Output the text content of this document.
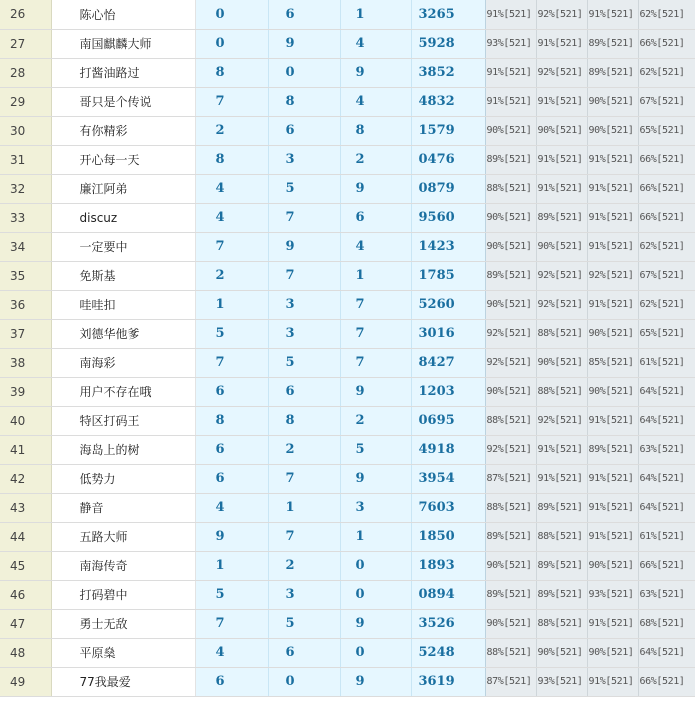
26	陈心怡	0	6	1	3265	91%[521]	92%[521]	91%[521]	62%[521]
27	南国麒麟大师	0	9	4	5928	93%[521]	91%[521]	89%[521]	66%[521]
28	打酱油路过	8	0	9	3852	91%[521]	92%[521]	89%[521]	62%[521]
29	哥只是个传说	7	8	4	4832	91%[521]	91%[521]	90%[521]	67%[521]
30	有你精彩	2	6	8	1579	90%[521]	90%[521]	90%[521]	65%[521]
31	开心每一天	8	3	2	0476	89%[521]	91%[521]	91%[521]	66%[521]
32	廉江阿弟	4	5	9	0879	88%[521]	91%[521]	91%[521]	66%[521]
33	discuz	4	7	6	9560	90%[521]	89%[521]	91%[521]	66%[521]
34	一定要中	7	9	4	1423	90%[521]	90%[521]	91%[521]	62%[521]
35	免斯基	2	7	1	1785	89%[521]	92%[521]	92%[521]	67%[521]
36	哇哇扣	1	3	7	5260	90%[521]	92%[521]	91%[521]	62%[521]
37	刘德华他爹	5	3	7	3016	92%[521]	88%[521]	90%[521]	65%[521]
38	南海彩	7	5	7	8427	92%[521]	90%[521]	85%[521]	61%[521]
39	用户不存在哦	6	6	9	1203	90%[521]	88%[521]	90%[521]	64%[521]
40	特区打码王	8	8	2	0695	88%[521]	92%[521]	91%[521]	64%[521]
41	海岛上的树	6	2	5	4918	92%[521]	91%[521]	89%[521]	63%[521]
42	低势力	6	7	9	3954	87%[521]	91%[521]	91%[521]	64%[521]
43	静音	4	1	3	7603	88%[521]	89%[521]	91%[521]	64%[521]
44	五路大师	9	7	1	1850	89%[521]	88%[521]	91%[521]	61%[521]
45	南海传奇	1	2	0	1893	90%[521]	89%[521]	90%[521]	66%[521]
46	打码碧中	5	3	0	0894	89%[521]	89%[521]	93%[521]	63%[521]
47	勇士无敌	7	5	9	3526	90%[521]	88%[521]	91%[521]	68%[521]
48	平原燊	4	6	0	5248	88%[521]	90%[521]	90%[521]	64%[521]
49	77我最爱	6	0	9	3619	87%[521]	93%[521]	91%[521]	66%[521]
